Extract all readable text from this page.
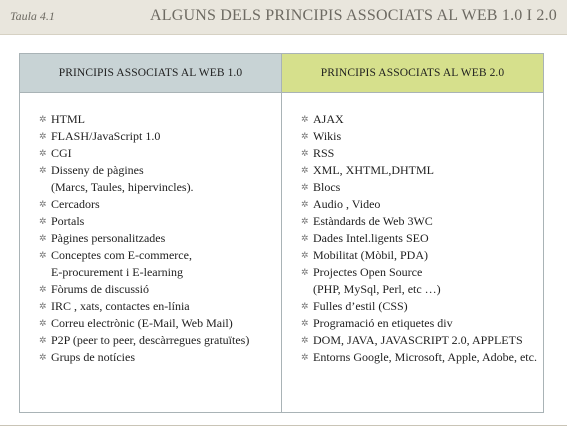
Taula 4.1	ALGUNS DELS PRINCIPIS ASSOCIATS AL WEB 1.0 I 2.0
PRINCIPIS ASSOCIATS AL WEB 1.0
✲ HTML
✲ FLASH/JavaScript 1.0
✲ CGI
✲ Disseny de pàgines
(Marcs, Taules, hipervincles).
✲ Cercadors
✲ Portals
✲ Pàgines personalitzades
✲ Conceptes com E-commerce,
E-procurement i E-learning
✲ Fòrums de discussió
✲ IRC , xats, contactes en-línia
✲ Correu electrònic (E-Mail, Web Mail)
✲ P2P (peer to peer, descàrregues gratuïtes)
✲ Grups de notícies
PRINCIPIS ASSOCIATS AL WEB 2.0
✲ AJAX
✲ Wikis
✲ RSS
✲ XML, XHTML,DHTML
✲ Blocs
✲ Audio , Video
✲ Estàndards de Web 3WC
✲ Dades Intel.ligents SEO
✲ Mobilitat (Mòbil, PDA)
✲ Projectes Open Source
(PHP, MySql, Perl, etc …)
✲ Fulles d’estil (CSS)
✲ Programació en etiquetes div
✲ DOM, JAVA, JAVASCRIPT 2.0, APPLETS
✲ Entorns Google, Microsoft, Apple, Adobe, etc.
